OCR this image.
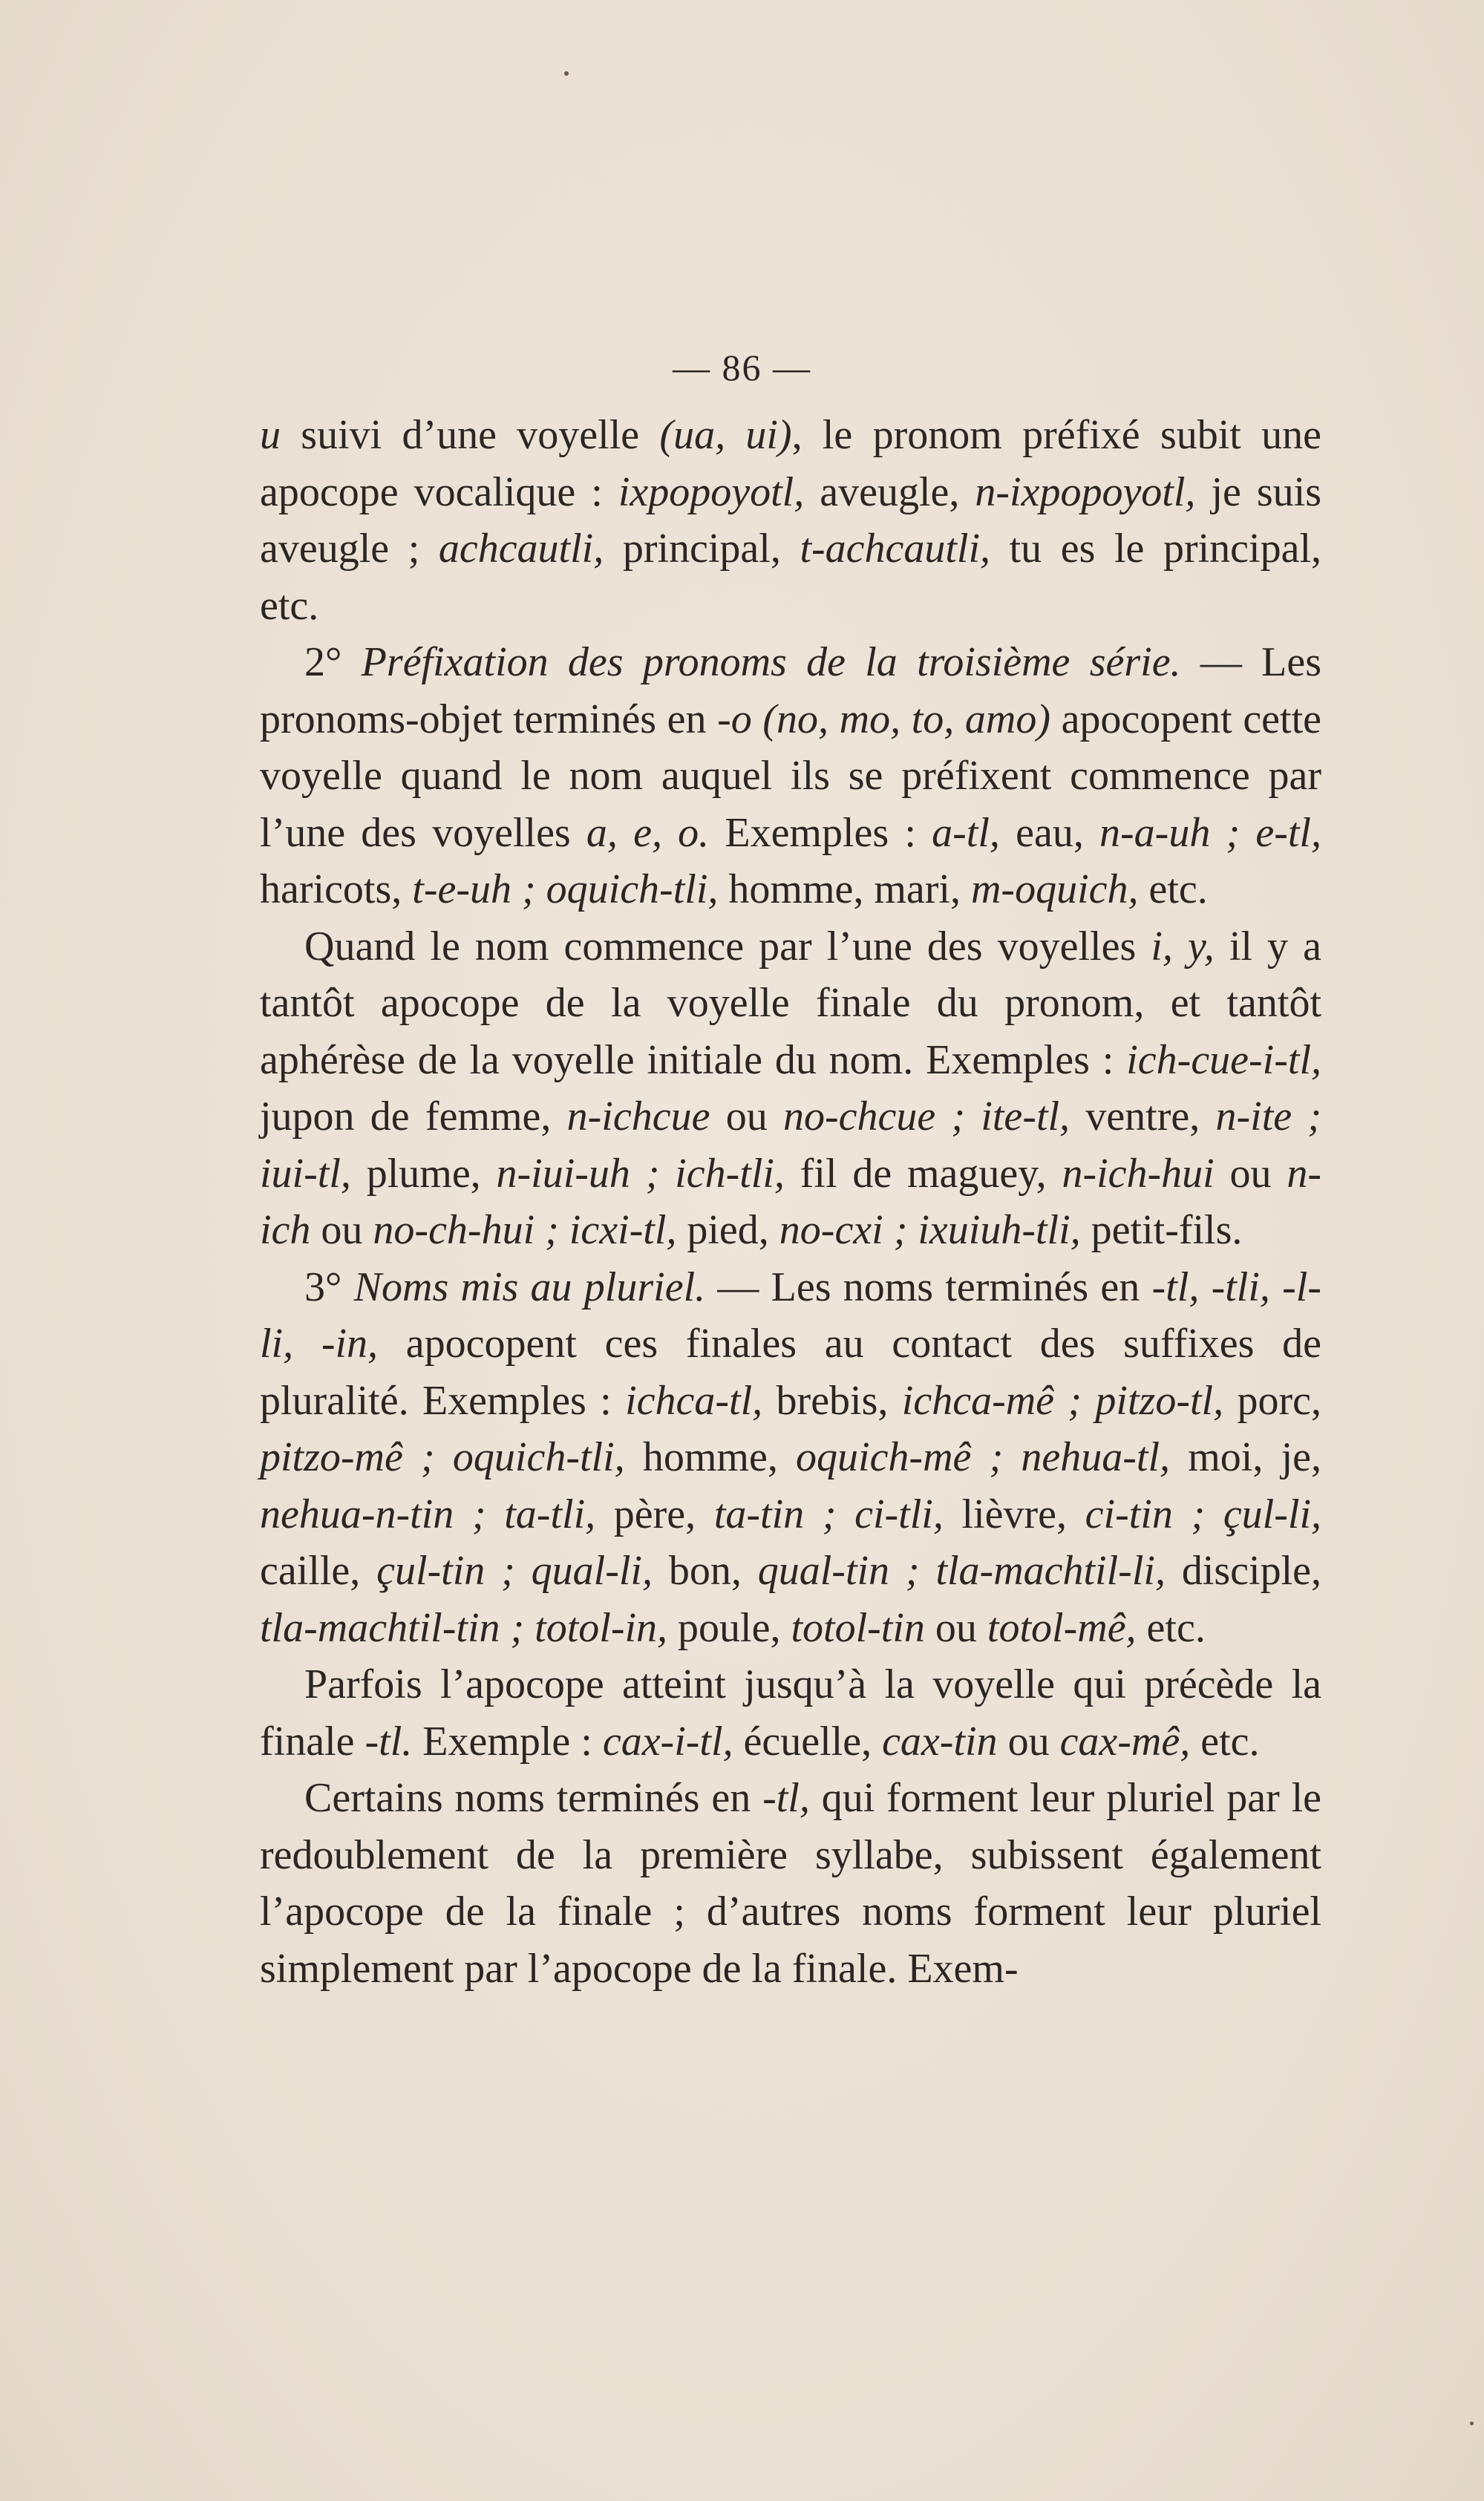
— 86 —

u suivi d’une voyelle (ua, ui), le pronom préfixé subit une apocope vocalique : ixpopoyotl, aveugle, n-ixpopoyotl, je suis aveugle ; achcautli, principal, t-achcautli, tu es le principal, etc.

2° Préfixation des pronoms de la troisième série. — Les pronoms-objet terminés en -o (no, mo, to, amo) apocopent cette voyelle quand le nom auquel ils se préfixent commence par l’une des voyelles a, e, o. Exemples : a-tl, eau, n-a-uh ; e-tl, haricots, t-e-uh ; oquich-tli, homme, mari, m-oquich, etc.

Quand le nom commence par l’une des voyelles i, y, il y a tantôt apocope de la voyelle finale du pronom, et tantôt aphérèse de la voyelle initiale du nom. Exemples : ich-cue-i-tl, jupon de femme, n-ichcue ou no-chcue ; ite-tl, ventre, n-ite ; iui-tl, plume, n-iui-uh ; ich-tli, fil de maguey, n-ich-hui ou n-ich ou no-ch-hui ; icxi-tl, pied, no-cxi ; ixuiuh-tli, petit-fils.

3° Noms mis au pluriel. — Les noms terminés en -tl, -tli, -l-li, -in, apocopent ces finales au contact des suffixes de pluralité. Exemples : ichca-tl, brebis, ichca-mê ; pitzo-tl, porc, pitzo-mê ; oquich-tli, homme, oquich-mê ; nehua-tl, moi, je, nehua-n-tin ; ta-tli, père, ta-tin ; ci-tli, lièvre, ci-tin ; çul-li, caille, çul-tin ; qual-li, bon, qual-tin ; tla-machtil-li, disciple, tla-machtil-tin ; totol-in, poule, totol-tin ou totol-mê, etc.

Parfois l’apocope atteint jusqu’à la voyelle qui précède la finale -tl. Exemple : cax-i-tl, écuelle, cax-tin ou cax-mê, etc.

Certains noms terminés en -tl, qui forment leur pluriel par le redoublement de la première syllabe, subissent également l’apocope de la finale ; d’autres noms forment leur pluriel simplement par l’apocope de la finale. Exem-
